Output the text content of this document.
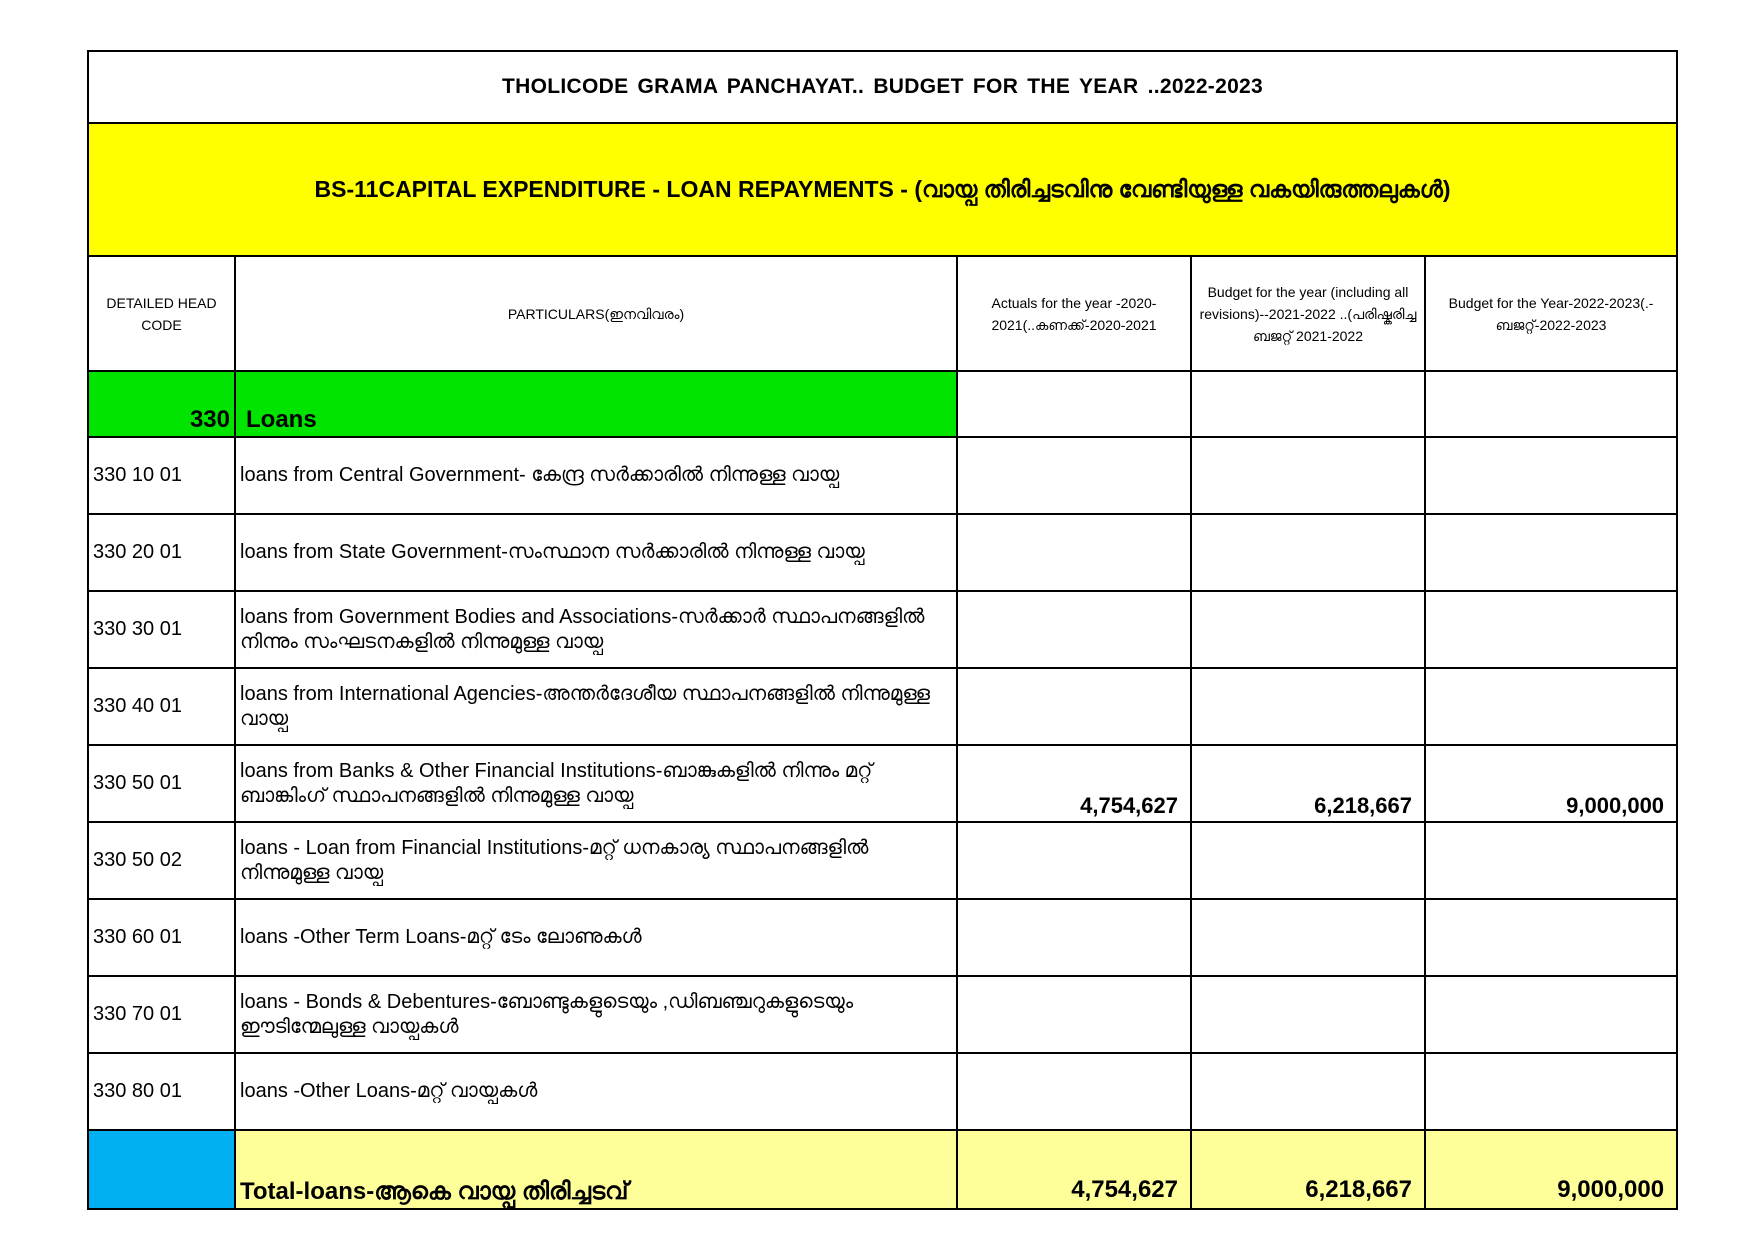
THOLICODE GRAMA PANCHAYAT.. BUDGET FOR THE YEAR ..2022-2023				
BS-11CAPITAL EXPENDITURE - LOAN REPAYMENTS - (വായ്പ തിരിച്ചടവിനു വേണ്ടിയുള്ള വകയിരുത്തലുകൾ)				
DETAILED HEAD CODE	PARTICULARS(ഇനവിവരം)	Actuals for the year -2020-2021(..കണക്ക്-2020-2021	Budget for the year (including all revisions)--2021-2022 ..(പരിഷ്കരിച്ച ബജറ്റ് 2021-2022	Budget for the Year-2022-2023(.-ബജറ്റ്-2022-2023
330	Loans			
330 10 01	loans from Central Government- കേന്ദ്ര സർക്കാരിൽ നിന്നുള്ള വായ്പ			
330 20 01	loans from State Government-സംസ്ഥാന സർക്കാരിൽ നിന്നുള്ള വായ്പ			
330 30 01	loans from Government Bodies and Associations-സർക്കാർ സ്ഥാപനങ്ങളിൽ നിന്നും സംഘടനകളിൽ നിന്നുമുള്ള വായ്പ			
330 40 01	loans from International Agencies-അന്തർദേശീയ സ്ഥാപനങ്ങളിൽ നിന്നുമുള്ള വായ്പ			
330 50 01	loans from Banks & Other Financial Institutions-ബാങ്കുകളിൽ നിന്നും മറ്റ് ബാങ്കിംഗ് സ്ഥാപനങ്ങളിൽ നിന്നുമുള്ള വായ്പ	4,754,627	6,218,667	9,000,000
330 50 02	loans - Loan from Financial Institutions-മറ്റ് ധനകാര്യ സ്ഥാപനങ്ങളിൽ നിന്നുമുള്ള വായ്പ			
330 60 01	loans -Other Term Loans-മറ്റ് ടേം ലോണുകൾ			
330 70 01	loans - Bonds & Debentures-ബോണ്ടുകളുടെയും ,ഡിബഞ്ചറുകളുടെയും ഈടിന്മേലുള്ള വായ്പകൾ			
330 80 01	loans -Other Loans-മറ്റ് വായ്പകൾ			
	Total-loans-ആകെ വായ്പ തിരിച്ചടവ്	4,754,627	6,218,667	9,000,000
